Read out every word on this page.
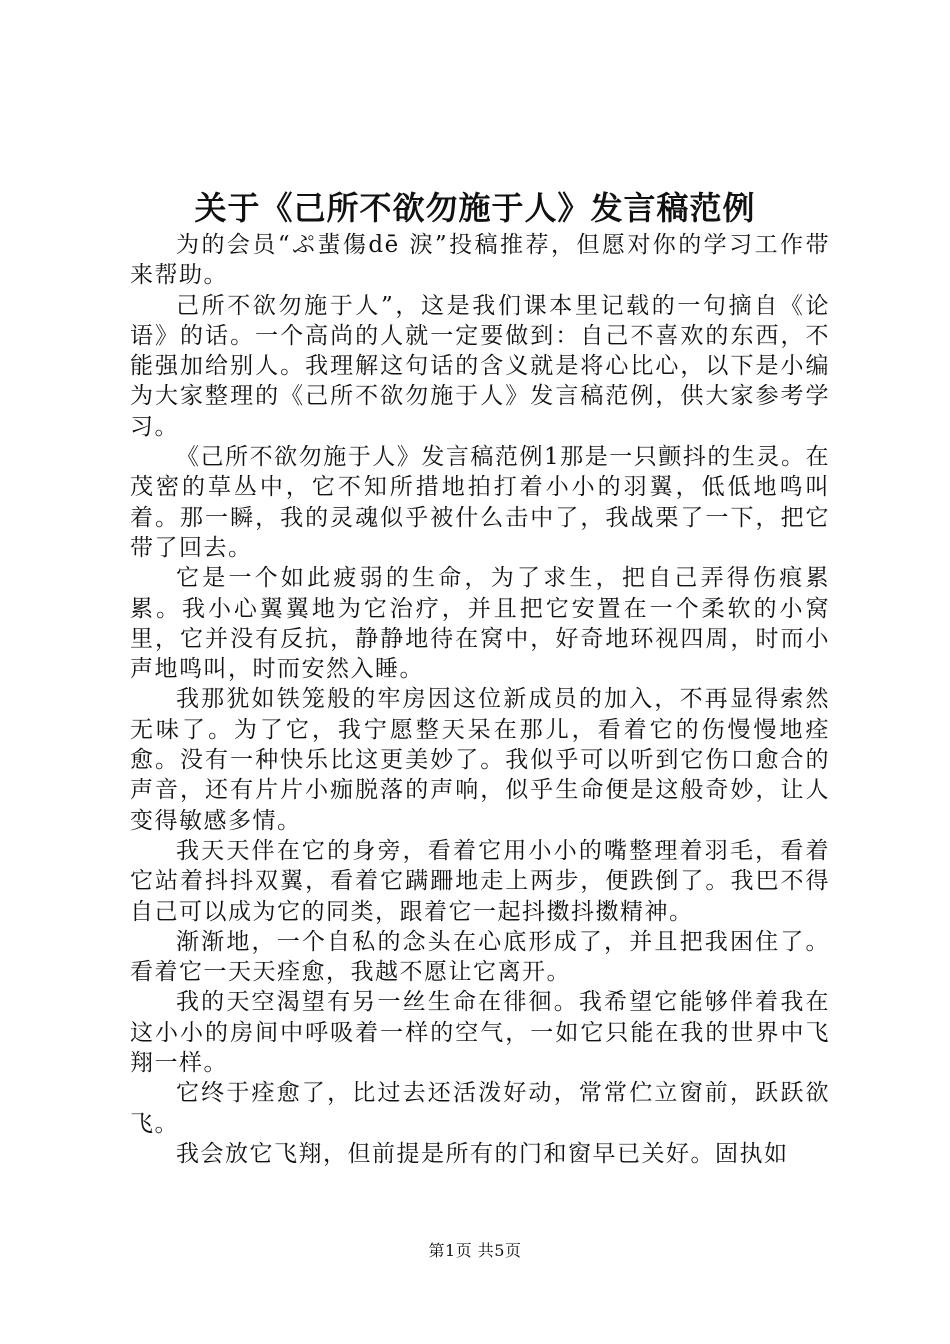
关于《己所不欲勿施于人》发言稿范例

为的会员“ぷ蜚傷dē 淚”投稿推荐，但愿对你的学习工作带来帮助。

己所不欲勿施于人”，这是我们课本里记载的一句摘自《论语》的话。一个高尚的人就一定要做到：自己不喜欢的东西，不能强加给别人。我理解这句话的含义就是将心比心，以下是小编为大家整理的《己所不欲勿施于人》发言稿范例，供大家参考学习。

《己所不欲勿施于人》发言稿范例1那是一只颤抖的生灵。在茂密的草丛中，它不知所措地拍打着小小的羽翼，低低地鸣叫着。那一瞬，我的灵魂似乎被什么击中了，我战栗了一下，把它带了回去。

它是一个如此疲弱的生命，为了求生，把自己弄得伤痕累累。我小心翼翼地为它治疗，并且把它安置在一个柔软的小窝里，它并没有反抗，静静地待在窝中，好奇地环视四周，时而小声地鸣叫，时而安然入睡。

我那犹如铁笼般的牢房因这位新成员的加入，不再显得索然无味了。为了它，我宁愿整天呆在那儿，看着它的伤慢慢地痊愈。没有一种快乐比这更美妙了。我似乎可以听到它伤口愈合的声音，还有片片小痂脱落的声响，似乎生命便是这般奇妙，让人变得敏感多情。

我天天伴在它的身旁，看着它用小小的嘴整理着羽毛，看着它站着抖抖双翼，看着它蹒跚地走上两步，便跌倒了。我巴不得自己可以成为它的同类，跟着它一起抖擞抖擞精神。

渐渐地，一个自私的念头在心底形成了，并且把我困住了。看着它一天天痊愈，我越不愿让它离开。

我的天空渴望有另一丝生命在徘徊。我希望它能够伴着我在这小小的房间中呼吸着一样的空气，一如它只能在我的世界中飞翔一样。

它终于痊愈了，比过去还活泼好动，常常伫立窗前，跃跃欲飞。

我会放它飞翔，但前提是所有的门和窗早已关好。固执如

第1页 共5页
